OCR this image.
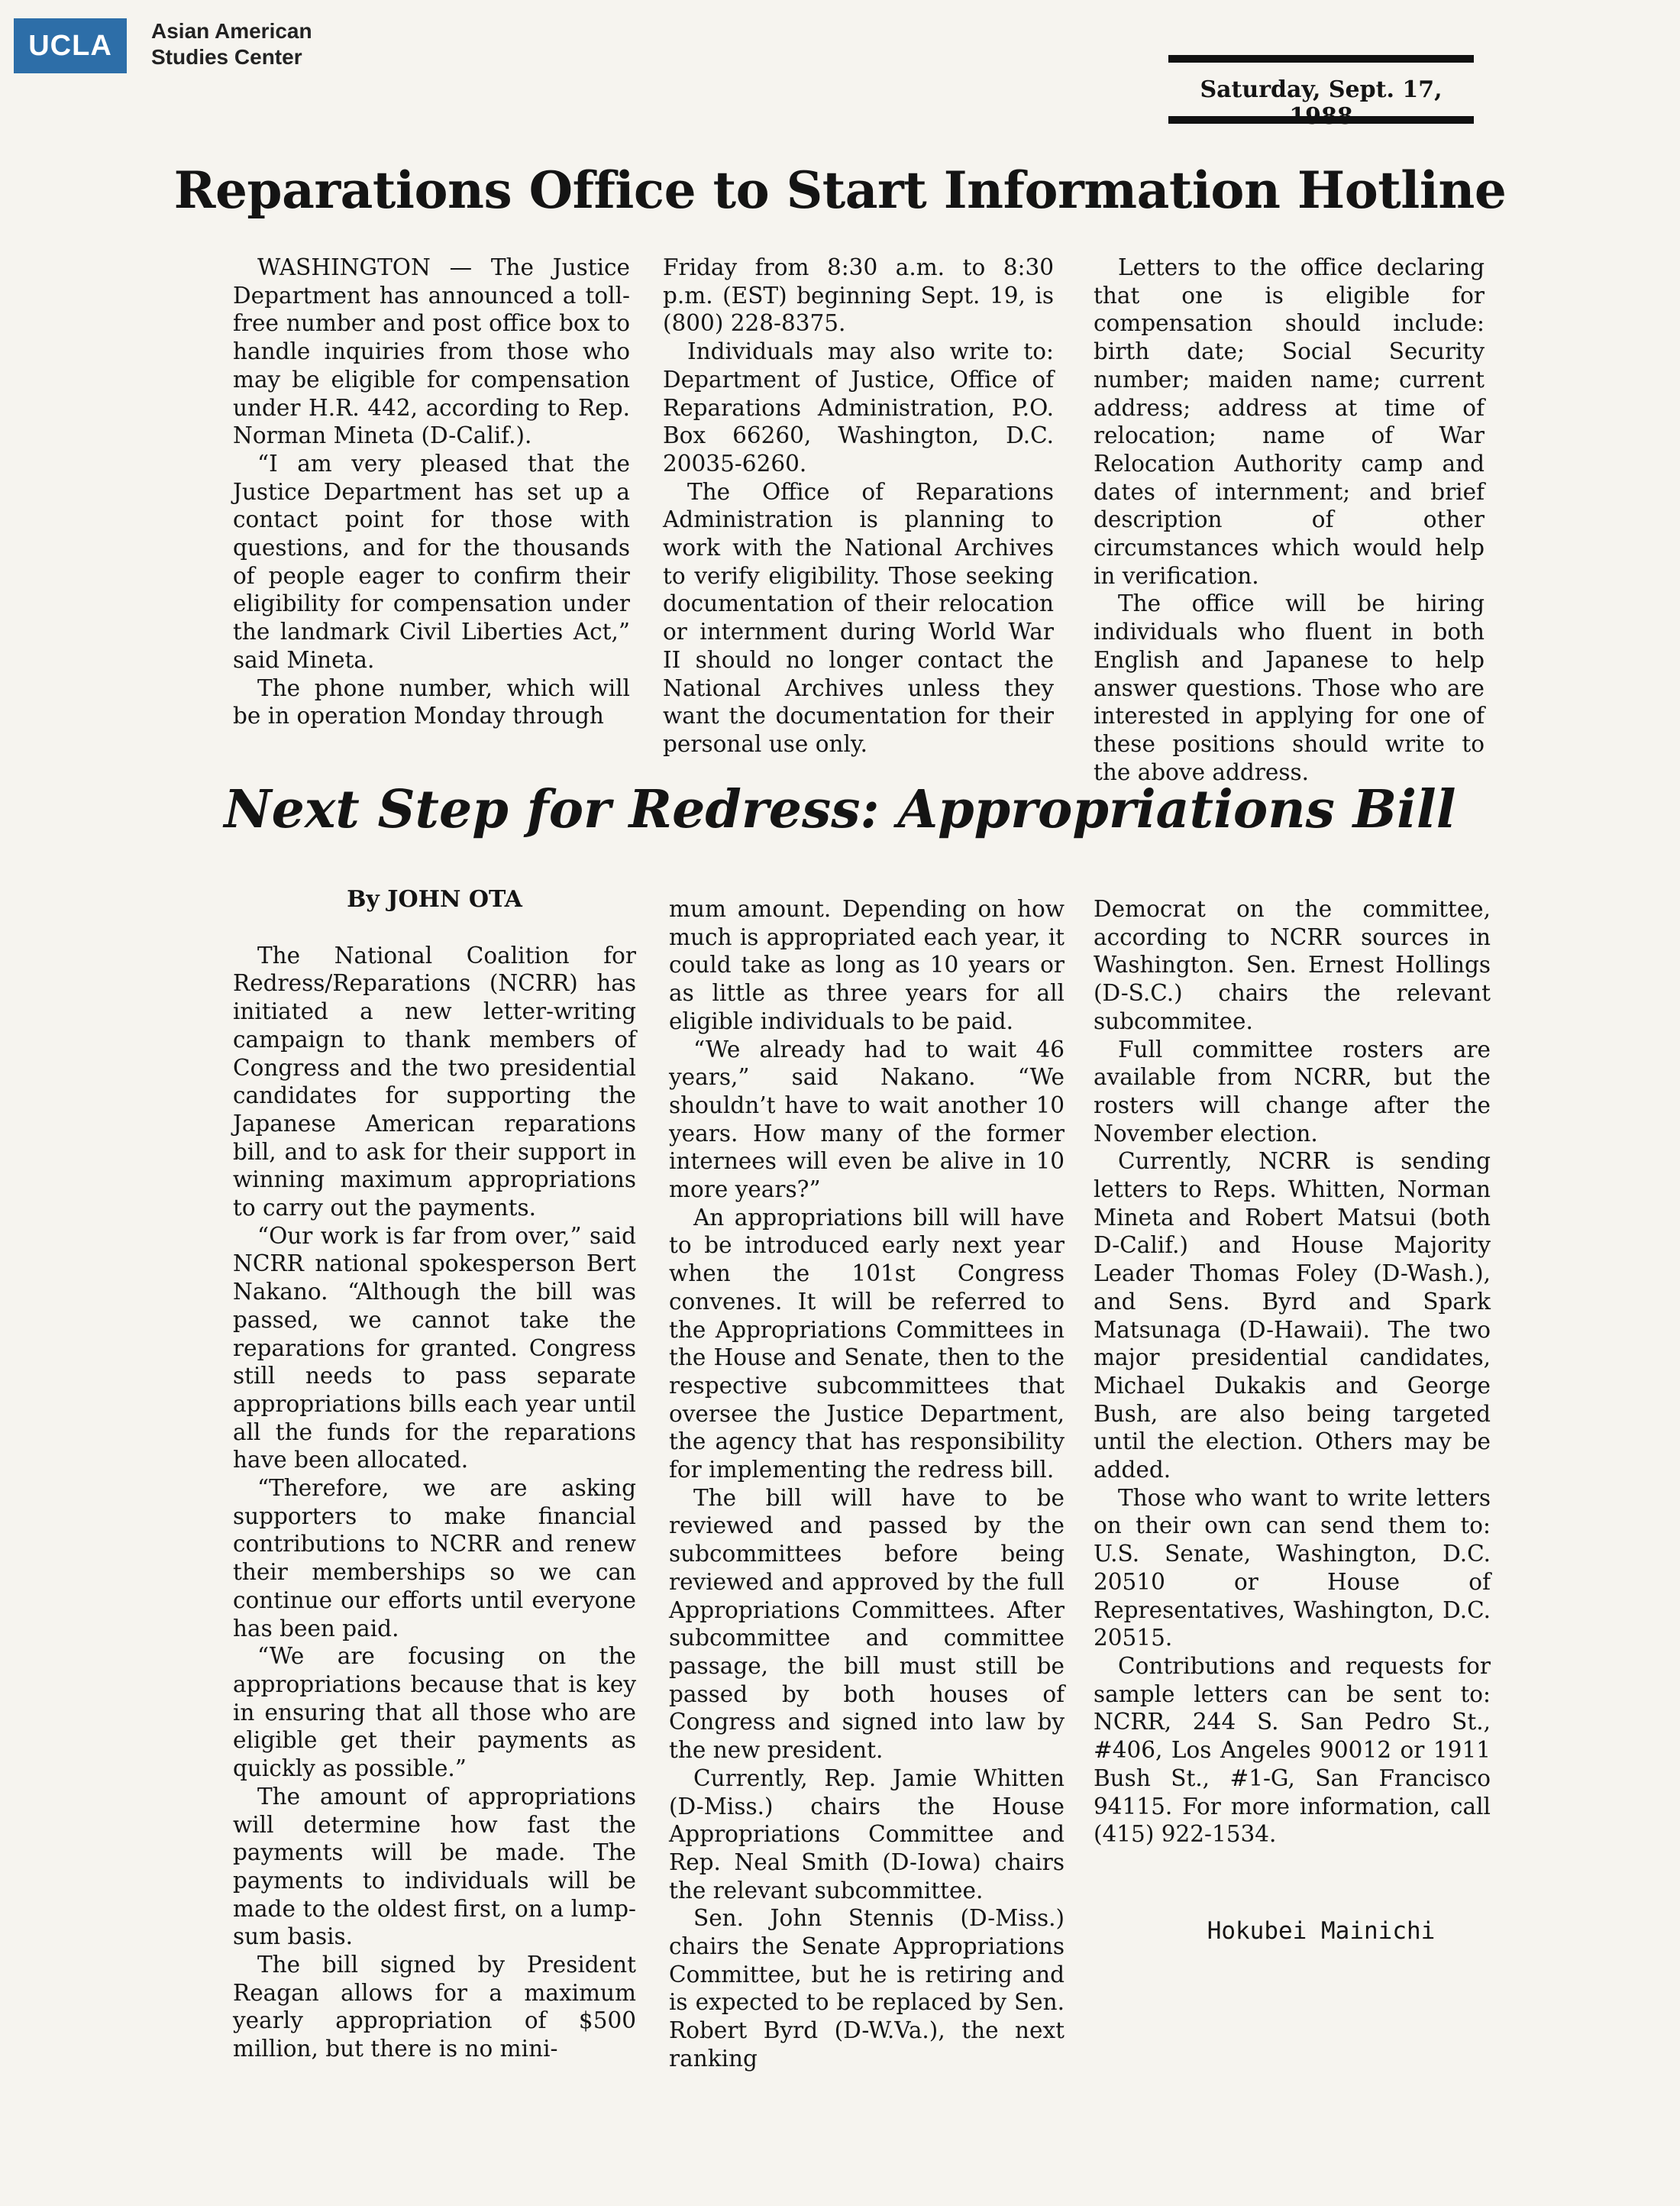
UCLA	Asian American
Studies Center
Saturday, Sept. 17,
Reparations Office to Start Information Hotline

WASHINGTON — The Justice Department has announced a toll-free number and post office box to handle inquiries from those who may be eligible for compensation under H.R. 442, according to Rep. Norman Mineta (D-Calif.).

“I am very pleased that the Justice Department has set up a contact point for those with questions, and for the thousands of people eager to confirm their eligibility for compensation under the landmark Civil Liberties Act,” said Mineta.

The phone number, which will be in operation Monday through

Friday from 8:30 a.m. to 8:30 p.m. (EST) beginning Sept. 19, is (800) 228-8375.

Individuals may also write to: Department of Justice, Office of Reparations Administration, P.O. Box 66260, Washington, D.C. 20035-6260.

The Office of Reparations Administration is planning to work with the National Archives to verify eligibility. Those seeking documentation of their relocation or internment during World War II should no longer contact the National Archives unless they want the documentation for their personal use only.

Letters to the office declaring that one is eligible for compensation should include: birth date; Social Security number; maiden name; current address; address at time of relocation; name of War Relocation Authority camp and dates of internment; and brief description of other circumstances which would help in verification.

The office will be hiring individuals who fluent in both English and Japanese to help answer questions. Those who are interested in applying for one of these positions should write to the above address.

Next Step for Redress: Appropriations Bill

By JOHN OTA

The National Coalition for Redress/Reparations (NCRR) has initiated a new letter-writing campaign to thank members of Congress and the two presidential candidates for supporting the Japanese American reparations bill, and to ask for their support in winning maximum appropriations to carry out the payments.

“Our work is far from over,” said NCRR national spokesperson Bert Nakano. “Although the bill was passed, we cannot take the reparations for granted. Congress still needs to pass separate appropriations bills each year until all the funds for the reparations have been allocated.

“Therefore, we are asking supporters to make financial contributions to NCRR and renew their memberships so we can continue our efforts until everyone has been paid.

“We are focusing on the appropriations because that is key in ensuring that all those who are eligible get their payments as quickly as possible.”

The amount of appropriations will determine how fast the payments will be made. The payments to individuals will be made to the oldest first, on a lump-sum basis.

The bill signed by President Reagan allows for a maximum yearly appropriation of $500 million, but there is no mini-

mum amount. Depending on how much is appropriated each year, it could take as long as 10 years or as little as three years for all eligible individuals to be paid.

“We already had to wait 46 years,” said Nakano. “We shouldn’t have to wait another 10 years. How many of the former internees will even be alive in 10 more years?”

An appropriations bill will have to be introduced early next year when the 101st Congress convenes. It will be referred to the Appropriations Committees in the House and Senate, then to the respective subcommittees that oversee the Justice Department, the agency that has responsibility for implementing the redress bill.

The bill will have to be reviewed and passed by the subcommittees before being reviewed and approved by the full Appropriations Committees. After subcommittee and committee passage, the bill must still be passed by both houses of Congress and signed into law by the new president.

Currently, Rep. Jamie Whitten (D-Miss.) chairs the House Appropriations Committee and Rep. Neal Smith (D-Iowa) chairs the relevant subcommittee.

Sen. John Stennis (D-Miss.) chairs the Senate Appropriations Committee, but he is retiring and is expected to be replaced by Sen. Robert Byrd (D-W.Va.), the next ranking

Democrat on the committee, according to NCRR sources in Washington. Sen. Ernest Hollings (D-S.C.) chairs the relevant subcommitee.

Full committee rosters are available from NCRR, but the rosters will change after the November election.

Currently, NCRR is sending letters to Reps. Whitten, Norman Mineta and Robert Matsui (both D-Calif.) and House Majority Leader Thomas Foley (D-Wash.), and Sens. Byrd and Spark Matsunaga (D-Hawaii). The two major presidential candidates, Michael Dukakis and George Bush, are also being targeted until the election. Others may be added.

Those who want to write letters on their own can send them to: U.S. Senate, Washington, D.C. 20510 or House of Representatives, Washington, D.C. 20515.

Contributions and requests for sample letters can be sent to: NCRR, 244 S. San Pedro St., #406, Los Angeles 90012 or 1911 Bush St., #1-G, San Francisco 94115. For more information, call (415) 922-1534.

Hokubei Mainichi
